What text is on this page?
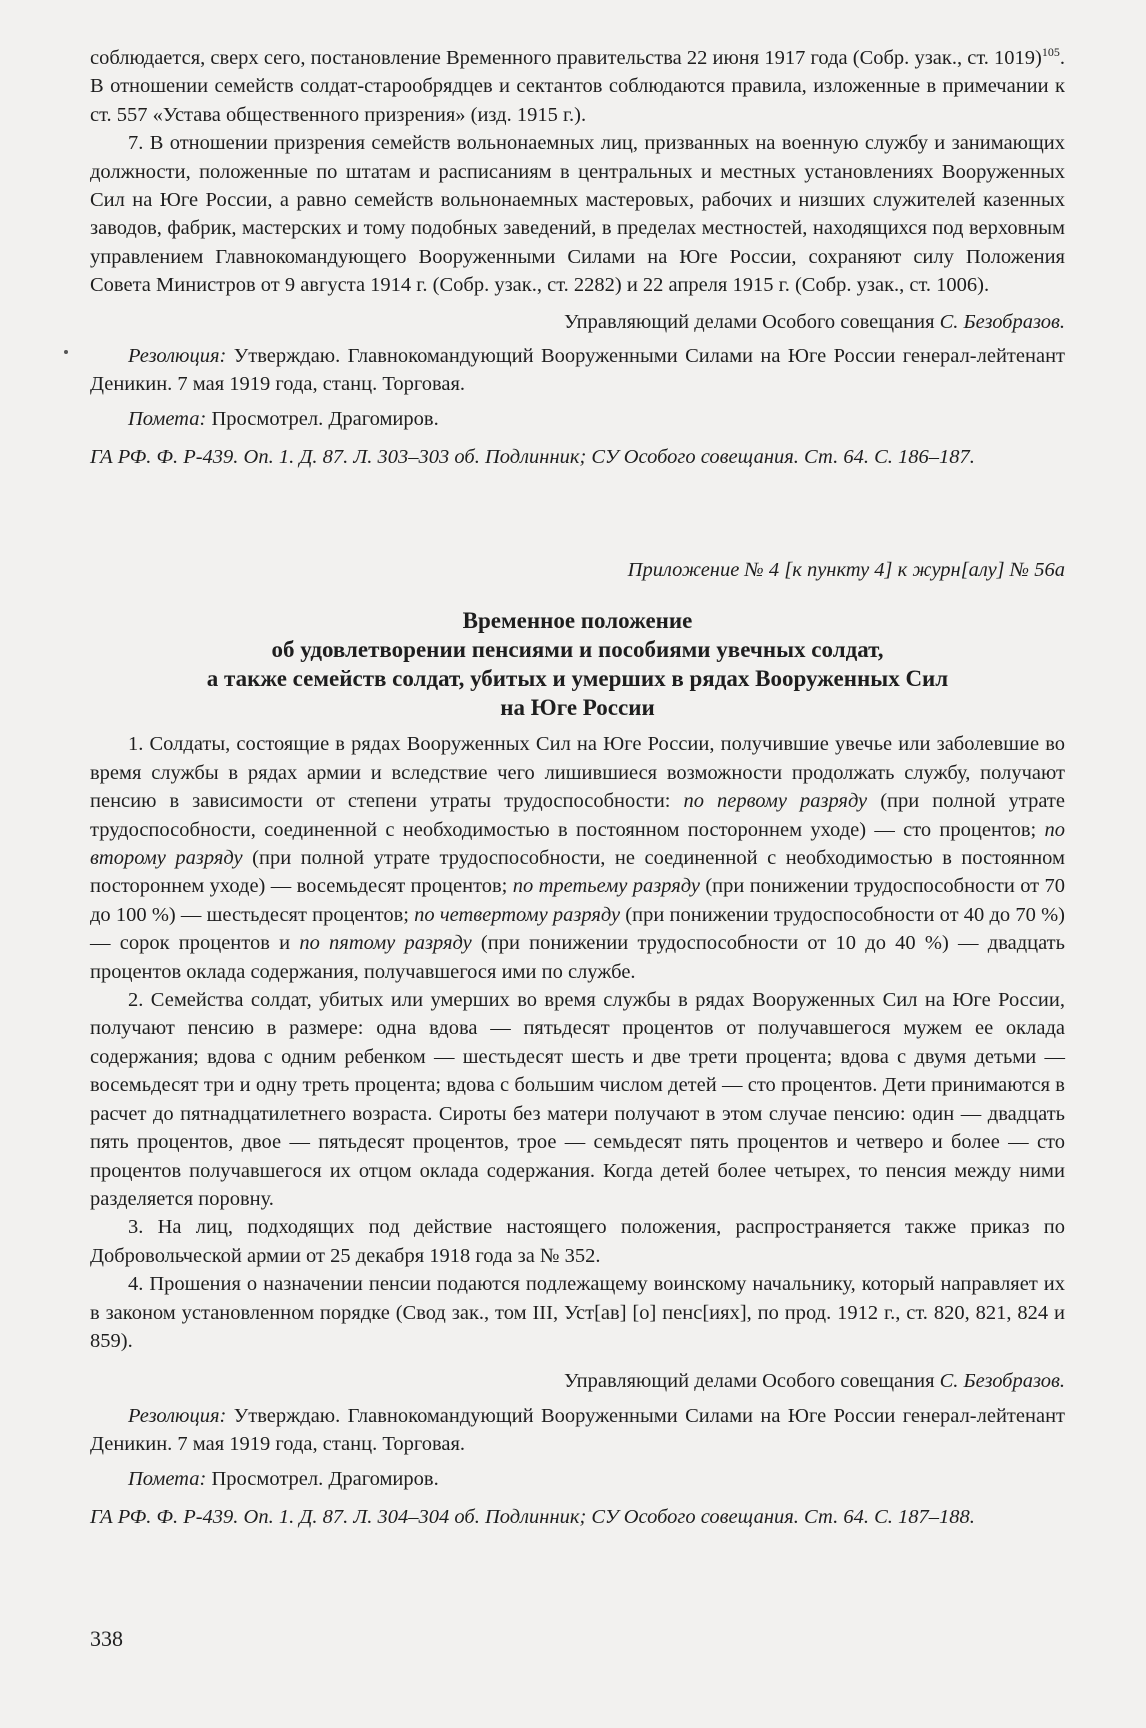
соблюдается, сверх сего, постановление Временного правительства 22 июня 1917 года (Собр. узак., ст. 1019)$^{105}$. В отношении семейств солдат-старообрядцев и сектантов соблюдаются правила, изложенные в примечании к ст. 557 «Устава общественного призрения» (изд. 1915 г.).

7. В отношении призрения семейств вольнонаемных лиц, призванных на военную службу и занимающих должности, положенные по штатам и расписаниям в центральных и местных установлениях Вооруженных Сил на Юге России, а равно семейств вольнонаемных мастеровых, рабочих и низших служителей казенных заводов, фабрик, мастерских и тому подобных заведений, в пределах местностей, находящихся под верховным управлением Главнокомандующего Вооруженными Силами на Юге России, сохраняют силу Положения Совета Министров от 9 августа 1914 г. (Собр. узак., ст. 2282) и 22 апреля 1915 г. (Собр. узак., ст. 1006).

Управляющий делами Особого совещания С. Безобразов.

Резолюция: Утверждаю. Главнокомандующий Вооруженными Силами на Юге России генерал-лейтенант Деникин. 7 мая 1919 года, станц. Торговая.

Помета: Просмотрел. Драгомиров.

ГА РФ. Ф. Р-439. Оп. 1. Д. 87. Л. 303–303 об. Подлинник; СУ Особого совещания. Ст. 64. С. 186–187.

Приложение № 4 [к пункту 4] к журн[алу] № 56а

Временное положение

об удовлетворении пенсиями и пособиями увечных солдат,

а также семейств солдат, убитых и умерших в рядах Вооруженных Сил

на Юге России

1. Солдаты, состоящие в рядах Вооруженных Сил на Юге России, получившие увечье или заболевшие во время службы в рядах армии и вследствие чего лишившиеся возможности продолжать службу, получают пенсию в зависимости от степени утраты трудоспособности: по первому разряду (при полной утрате трудоспособности, соединенной с необходимостью в постоянном постороннем уходе) — сто процентов; по второму разряду (при полной утрате трудоспособности, не соединенной с необходимостью в постоянном постороннем уходе) — восемьдесят процентов; по третьему разряду (при понижении трудоспособности от 70 до 100 %) — шестьдесят процентов; по четвертому разряду (при понижении трудоспособности от 40 до 70 %) — сорок процентов и по пятому разряду (при понижении трудоспособности от 10 до 40 %) — двадцать процентов оклада содержания, получавшегося ими по службе.

2. Семейства солдат, убитых или умерших во время службы в рядах Вооруженных Сил на Юге России, получают пенсию в размере: одна вдова — пятьдесят процентов от получавшегося мужем ее оклада содержания; вдова с одним ребенком — шестьдесят шесть и две трети процента; вдова с двумя детьми — восемьдесят три и одну треть процента; вдова с большим числом детей — сто процентов. Дети принимаются в расчет до пятнадцатилетнего возраста. Сироты без матери получают в этом случае пенсию: один — двадцать пять процентов, двое — пятьдесят процентов, трое — семьдесят пять процентов и четверо и более — сто процентов получавшегося их отцом оклада содержания. Когда детей более четырех, то пенсия между ними разделяется поровну.

3. На лиц, подходящих под действие настоящего положения, распространяется также приказ по Добровольческой армии от 25 декабря 1918 года за № 352.

4. Прошения о назначении пенсии подаются подлежащему воинскому начальнику, который направляет их в законом установленном порядке (Свод зак., том III, Уст[ав] [о] пенс[иях], по прод. 1912 г., ст. 820, 821, 824 и 859).

Управляющий делами Особого совещания С. Безобразов.

Резолюция: Утверждаю. Главнокомандующий Вооруженными Силами на Юге России генерал-лейтенант Деникин. 7 мая 1919 года, станц. Торговая.

Помета: Просмотрел. Драгомиров.

ГА РФ. Ф. Р-439. Оп. 1. Д. 87. Л. 304–304 об. Подлинник; СУ Особого совещания. Ст. 64. С. 187–188.

338
